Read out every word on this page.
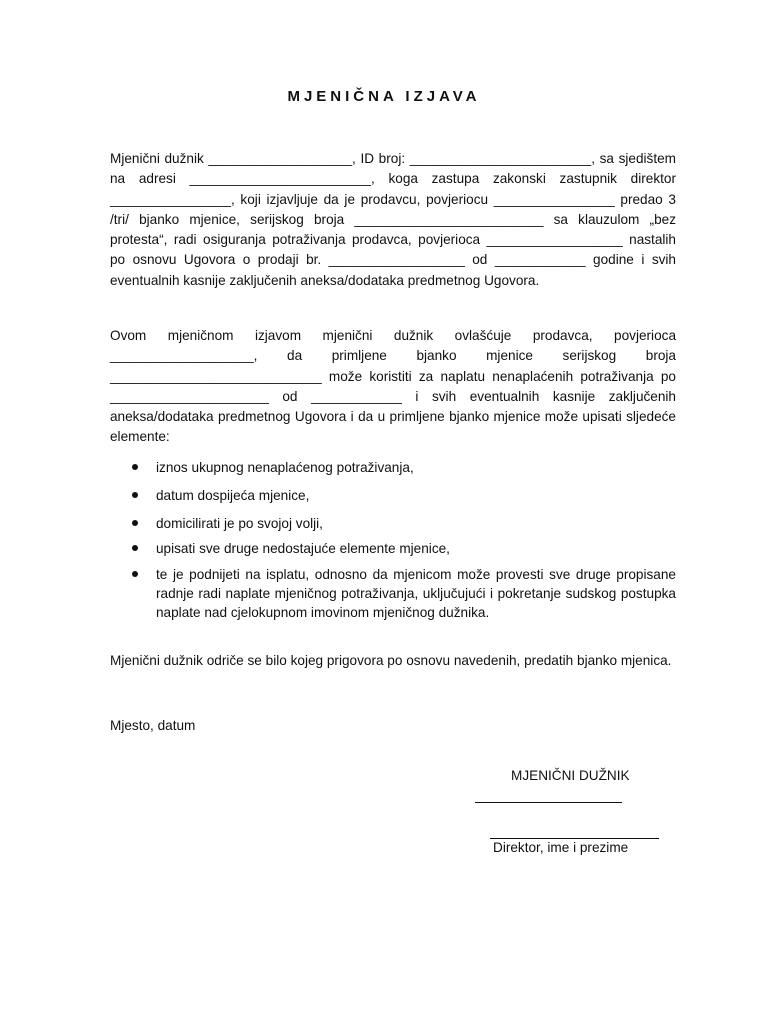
MJENIČNA IZJAVA

Mjenični dužnik ___________________, ID broj: ________________________, sa sjedištem na adresi ________________________, koga zastupa zakonski zastupnik direktor ________________, koji izjavljuje da je prodavcu, povjeriocu ________________ predao 3 /tri/ bjanko mjenice, serijskog broja _________________________ sa klauzulom „bez protesta“, radi osiguranja potraživanja prodavca, povjerioca __________________ nastalih po osnovu Ugovora o prodaji br. __________________ od ____________ godine i svih eventualnih kasnije zaključenih aneksa/dodataka predmetnog Ugovora.

Ovom mjeničnom izjavom mjenični dužnik ovlašćuje prodavca, povjerioca ___________________, da primljene bjanko mjenice serijskog broja ____________________________ može koristiti za naplatu nenaplaćenih potraživanja po _____________________ od ____________ i svih eventualnih kasnije zaključenih aneksa/dodataka predmetnog Ugovora i da u primljene bjanko mjenice može upisati sljedeće elemente:

iznos ukupnog nenaplaćenog potraživanja,
datum dospijeća mjenice,
domicilirati je po svojoj volji,
upisati sve druge nedostajuće elemente mjenice,
te je podnijeti na isplatu, odnosno da mjenicom može provesti sve druge propisane radnje radi naplate mjeničnog potraživanja, uključujući i pokretanje sudskog postupka naplate nad cjelokupnom imovinom mjeničnog dužnika.

Mjenični dužnik odriče se bilo kojeg prigovora po osnovu navedenih, predatih bjanko mjenica.

Mjesto, datum
MJENIČNI DUŽNIK
Direktor, ime i prezime
